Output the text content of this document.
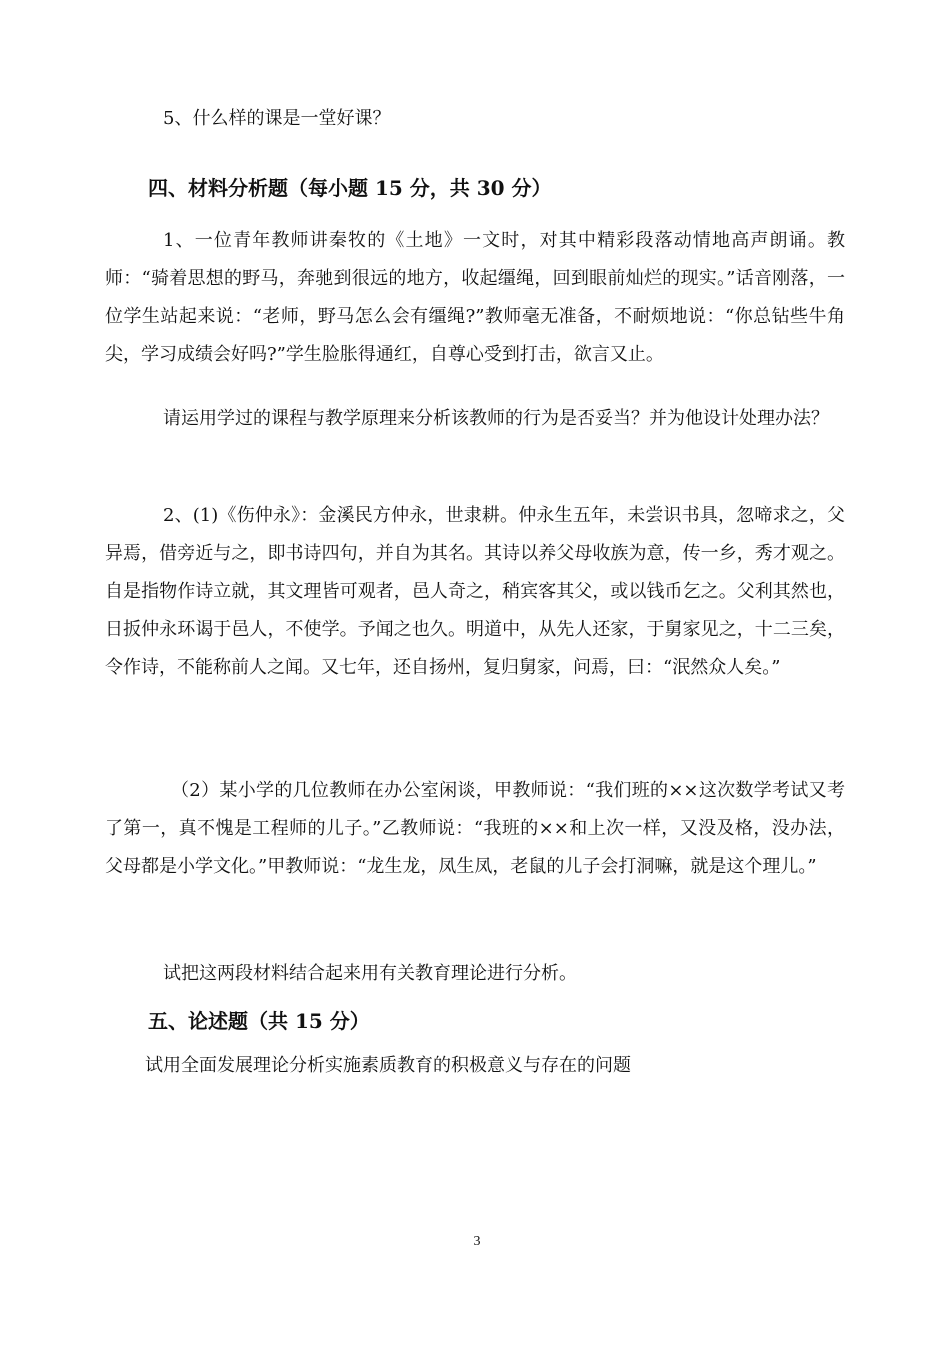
5、什么样的课是一堂好课？
四、材料分析题（每小题 15 分，共 30 分）
1、一位青年教师讲秦牧的《土地》一文时，对其中精彩段落动情地高声朗诵。教师：“骑着思想的野马，奔驰到很远的地方，收起缰绳，回到眼前灿烂的现实。”话音刚落，一位学生站起来说：“老师，野马怎么会有缰绳?”教师毫无准备，不耐烦地说：“你总钻些牛角尖，学习成绩会好吗?”学生脸胀得通红，自尊心受到打击，欲言又止。
请运用学过的课程与教学原理来分析该教师的行为是否妥当？并为他设计处理办法？
2、(1)《伤仲永》：金溪民方仲永，世隶耕。仲永生五年，未尝识书具，忽啼求之，父异焉，借旁近与之，即书诗四句，并自为其名。其诗以养父母收族为意，传一乡，秀才观之。自是指物作诗立就，其文理皆可观者，邑人奇之，稍宾客其父，或以钱币乞之。父利其然也，日扳仲永环谒于邑人，不使学。予闻之也久。明道中，从先人还家，于舅家见之，十二三矣，令作诗，不能称前人之闻。又七年，还自扬州，复归舅家，问焉，曰：“泯然众人矣。”
（2）某小学的几位教师在办公室闲谈，甲教师说：“我们班的××这次数学考试又考了第一，真不愧是工程师的儿子。”乙教师说：“我班的××和上次一样，又没及格，没办法，父母都是小学文化。”甲教师说：“龙生龙，凤生凤，老鼠的儿子会打洞嘛，就是这个理儿。”
试把这两段材料结合起来用有关教育理论进行分析。
五、论述题（共 15 分）
试用全面发展理论分析实施素质教育的积极意义与存在的问题
3
